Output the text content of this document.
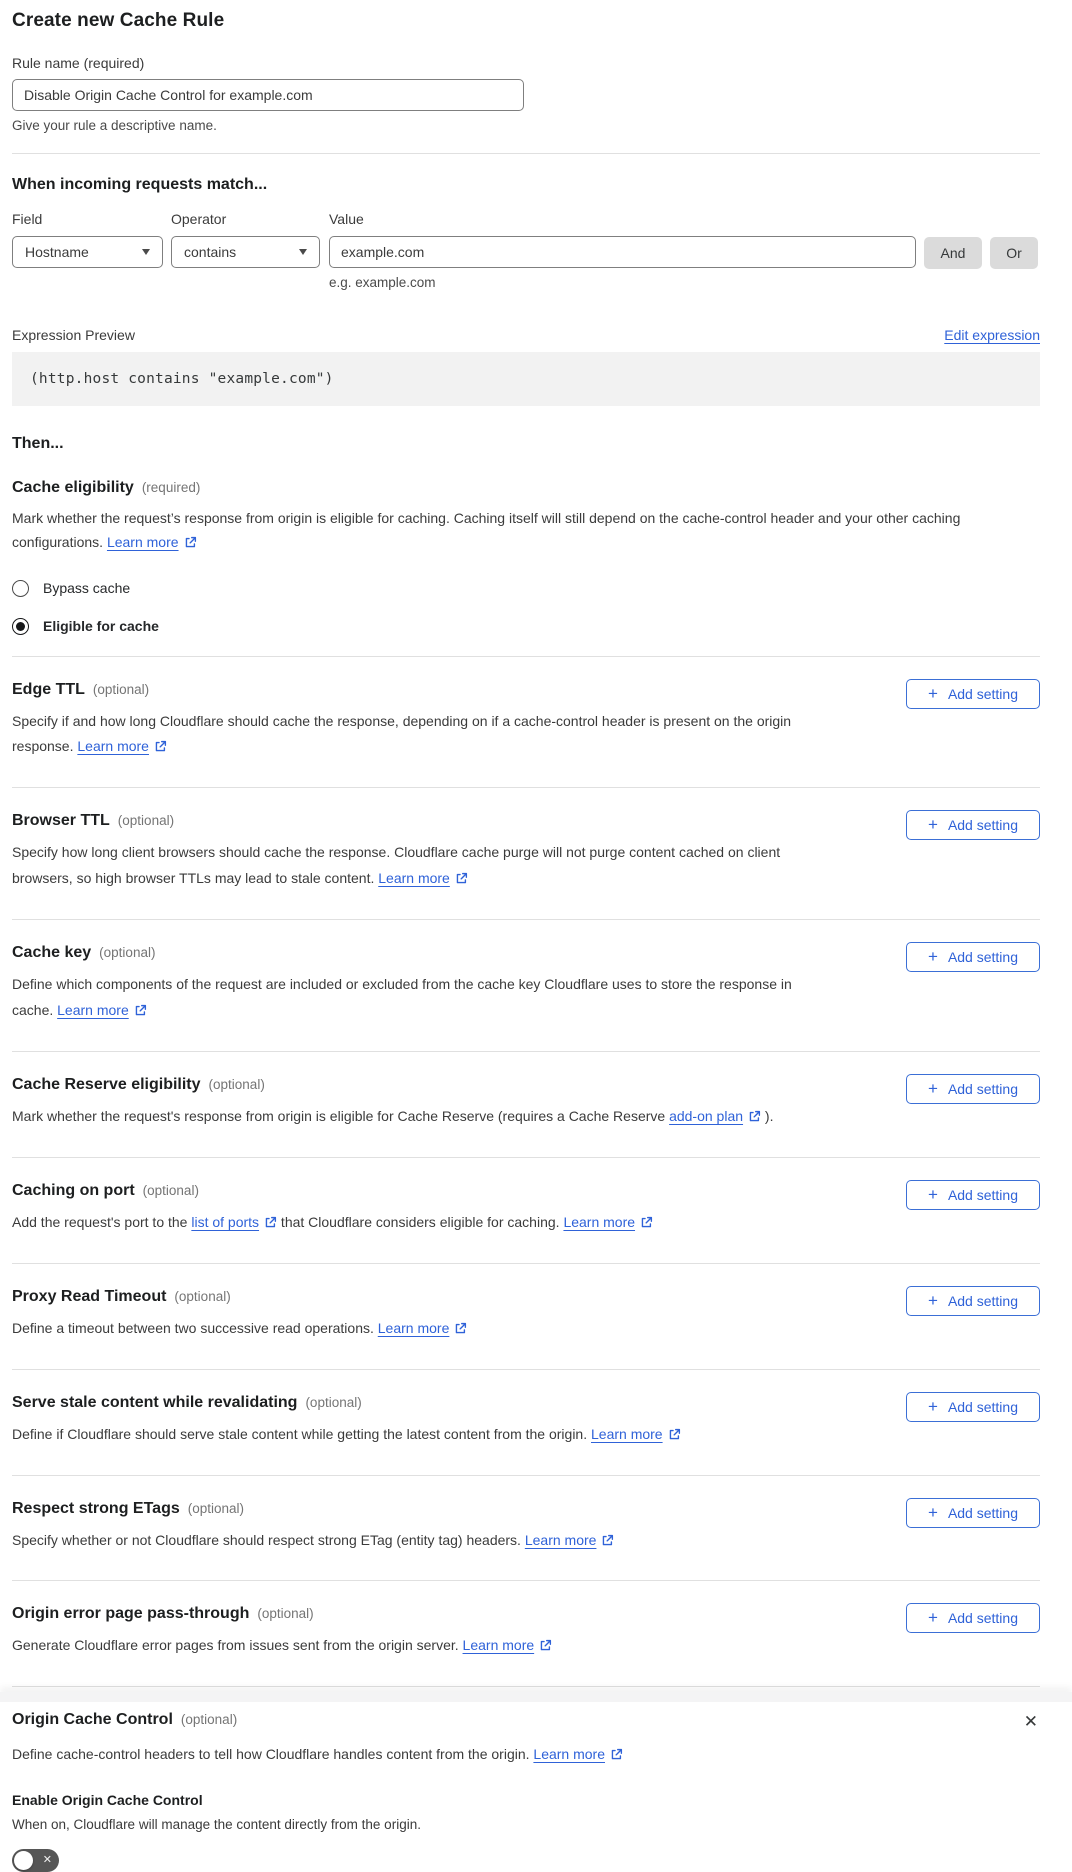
Create new Cache Rule
Rule name (required)
Disable Origin Cache Control for example.com
Give your rule a descriptive name.
When incoming requests match...
Field
Hostname
Operator
contains
Value
example.com
e.g. example.com
And	Or
Expression Preview	Edit expression
(http.host contains "example.com")
Then...
Cache eligibility (required)

Mark whether the request’s response from origin is eligible for caching. Caching itself will still depend on the cache-control header and your other caching configurations. Learn more

Bypass cache
Eligible for cache
Edge TTL (optional)

Specify if and how long Cloudflare should cache the response, depending on if a cache-control header is present on the origin response. Learn more

+ Add setting
Browser TTL (optional)

Specify how long client browsers should cache the response. Cloudflare cache purge will not purge content cached on client browsers, so high browser TTLs may lead to stale content. Learn more

+ Add setting
Cache key (optional)

Define which components of the request are included or excluded from the cache key Cloudflare uses to store the response in cache. Learn more

+ Add setting
Cache Reserve eligibility (optional)

Mark whether the request's response from origin is eligible for Cache Reserve (requires a Cache Reserve add-on plan ).

+ Add setting
Caching on port (optional)

Add the request's port to the list of ports that Cloudflare considers eligible for caching. Learn more

+ Add setting
Proxy Read Timeout (optional)

Define a timeout between two successive read operations. Learn more

+ Add setting
Serve stale content while revalidating (optional)

Define if Cloudflare should serve stale content while getting the latest content from the origin. Learn more

+ Add setting
Respect strong ETags (optional)

Specify whether or not Cloudflare should respect strong ETag (entity tag) headers. Learn more

+ Add setting
Origin error page pass-through (optional)

Generate Cloudflare error pages from issues sent from the origin server. Learn more

+ Add setting
Origin Cache Control (optional)	✕

Define cache-control headers to tell how Cloudflare handles content from the origin. Learn more

Enable Origin Cache Control
When on, Cloudflare will manage the content directly from the origin.
✕
